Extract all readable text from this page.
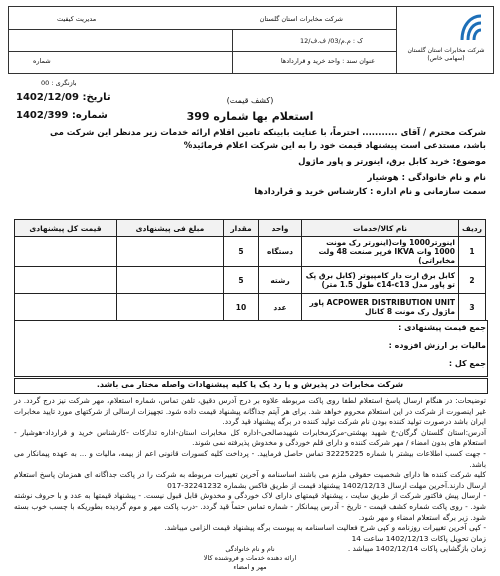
شرکت مخابرات استان گلستان
(سهامی خاص)
شرکت مخابرات استان گلستان
مدیریت کیفیت
ک : م.م/03/ ف.ف/12
عنوان سند : واحد خرید و قراردادها
شماره
بازنگری : 00
تاریخ: 1402/12/09
شماره: 1402/399
(کشف قیمت)
استعلام بها شماره 399
شرکت محترم / آقای ........... احترماً، با عنایت بابینکه تامین اقلام ارائه خدمات زیر مدنظر این شرکت می
باشد، مستدعی است پیشنهاد قیمت خود را به این شرکت اعلام فرمائید%
موضوع: خرید کابل برق، اینورتر و پاور ماژول
نام و نام خانوادگی : هوشیار
سمت سازمانی و نام اداره : کارشناس خرید و قراردادها
ردیف	نام کالا/خدمات	واحد	مقدار	مبلغ فی پیشنهادی	قیمت کل پیشنهادی
1	اینورتر1000 وات(اینورتر رک مونت 1000 وات IKVA فرپر صنعت 48 ولت مخابراتی)	دستگاه	5		
2	کابل برق ارت دار کامپیوتر (کابل برق پک تو پاور مدل c14-c13 طول 1.5 متر)	رشته	5		
3	ACPOWER DISTRIBUTION UNIT پاور ماژول رک مونت 8 کانال	عدد	10		
جمع قیمت پیشنهادی :
مالیات بر ارزش افزوده :
جمع کل :
شرکت مخابرات در پذیرش و یا رد یک یا کلیه پیشنهادات واصله مختار می باشد.
توضیحات: در هنگام ارسال پاسخ استعلام لطفا روی پاکت مربوطه علاوه بر درج آدرس دقیق، تلفن تماس، شماره استعلام، مهر شرکت نیز درج گردد. در غیر اینصورت از شرکت در این استعلام محروم خواهد شد. برای هر آیتم جداگانه پیشنهاد قیمت داده شود. تجهیزات ارسالی از شرکتهای مورد تایید مخابرات ایران باشد درصورت تولید کننده بودن نام شرکت تولید کننده در برگه پیشنهاد قید گردد.
آدرس:استان گلستان گرگان-خ شهید بهشتی-مرکزمخابرات شهیدصالحی-اداره کل مخابرات استان-اداره تدارکات -کارشناس خرید و قرارداد-هوشیار - استعلام های بدون امضاء / مهر شرکت کننده و دارای قلم خوردگی و مخدوش پذیرفته نمی شوند.
- جهت کسب اطلاعات بیشتر با شماره 32225225 تماس حاصل فرمایید. - پرداخت کلیه کسورات قانونی اعم از بیمه، مالیات و ... به عهده پیمانکار می باشد.
کلیه شرکت کننده ها دارای شخصیت حقوقی ملزم می باشند اساسنامه و آخرین تغییرات مربوطه به شرکت را در پاکت جداگانه ای همزمان پاسخ استعلام ارسال دارند.آخرین مهلت ارسال 1402/12/13 پیشنهاد قیمت از طریق فاکس بشماره 32241232-017
- ارسال پیش فاکتور شرکت از طریق سایت ، پیشنهاد قیمتهای دارای لاک خوردگی و مخدوش قابل قبول نیست. - پیشنهاد قیمتها به عدد و با حروف نوشته شود. - روی پاکت شماره کشف قیمت - تاریخ - آدرس پیمانکار - شماره تماس حتماً قید گردد. -درب پاکت مهر و موم گردیده بطوریکه با چسب خوب بسته شود. زیر برگه استعلام امضاء و مهر شود.
- کپی آخرین تغییرات روزنامه و کپی شرح فعالیت اساسنامه به پیوست برگه پیشنهاد قیمت الزامی میباشد.
زمان تحویل پاکات 1402/12/13 ساعت 14
زمان بازگشایی پاکات 1402/12/14 میباشد .
نام و نام خانوادگی
ارائه دهنده خدمات و فروشنده کالا
مهر و امضاء
